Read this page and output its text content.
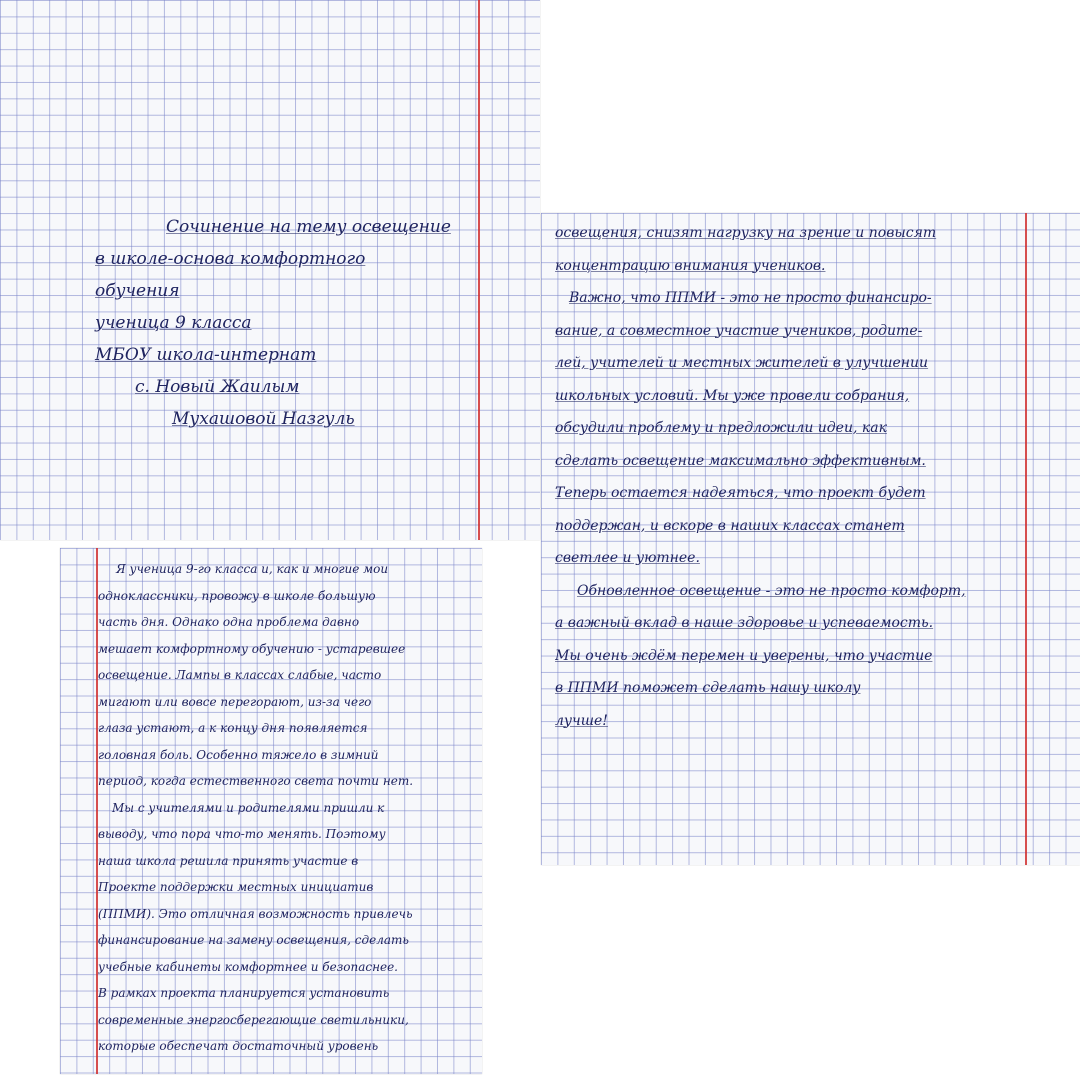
Сочинение на тему освещение
в школе-основа комфортного
обучения
ученица 9 класса
МБОУ школа-интернат
с. Новый Жаилым
Мухашовой Назгуль
Я ученица 9-го класса и, как и многие мои
одноклассники, провожу в школе большую
часть дня. Однако одна проблема давно
мешает комфортному обучению - устаревшее
освещение. Лампы в классах слабые, часто
мигают или вовсе перегорают, из-за чего
глаза устают, а к концу дня появляется
головная боль. Особенно тяжело в зимний
период, когда естественного света почти нет.
Мы с учителями и родителями пришли к
выводу, что пора что-то менять. Поэтому
наша школа решила принять участие в
Проекте поддержки местных инициатив
(ППМИ). Это отличная возможность привлечь
финансирование на замену освещения, сделать
учебные кабинеты комфортнее и безопаснее.
В рамках проекта планируется установить
современные энергосберегающие светильники,
которые обеспечат достаточный уровень
освещения, снизят нагрузку на зрение и повысят
концентрацию внимания учеников.
Важно, что ППМИ - это не просто финансиро-
вание, а совместное участие учеников, родите-
лей, учителей и местных жителей в улучшении
школьных условий. Мы уже провели собрания,
обсудили проблему и предложили идеи, как
сделать освещение максимально эффективным.
Теперь остается надеяться, что проект будет
поддержан, и вскоре в наших классах станет
светлее и уютнее.
Обновленное освещение - это не просто комфорт,
а важный вклад в наше здоровье и успеваемость.
Мы очень ждём перемен и уверены, что участие
в ППМИ поможет сделать нашу школу
лучше!
